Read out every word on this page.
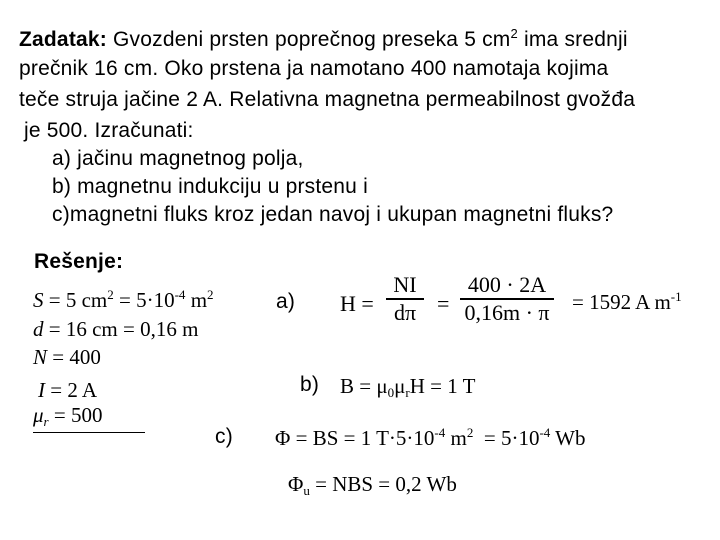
Zadatak: Gvozdeni prsten poprečnog preseka 5 $cm^2$ ima srednji
prečnik 16 cm. Oko prstena ja namotano 400 namotaja kojima
teče struja jačine 2 A. Relativna magnetna permeabilnost gvožđa
je 500. Izračunati:
a) jačinu magnetnog polja,
b) magnetnu indukciju u prstenu i
c)magnetni fluks kroz jedan navoj i ukupan magnetni fluks?
Rešenje:
S = 5 $cm^2 = 5\cdot 10^{-4}$ $m^2$
d = 16 cm = 0,16 m
N = 400
I = 2 A
$\mu_r = 500$
a) H =
NI
dπ =
400 · 2A
0,16m · π = 1592 A $m^{-1}$
b) $B = \mu_0\mu_rH = 1$ T
c) Φ = BS = 1 $T\cdot 5\cdot 10^{-4}$ $m^2 = 5\cdot 10^{-4}$ Wb
$\Phi_u$ = NBS = 0,2 Wb
